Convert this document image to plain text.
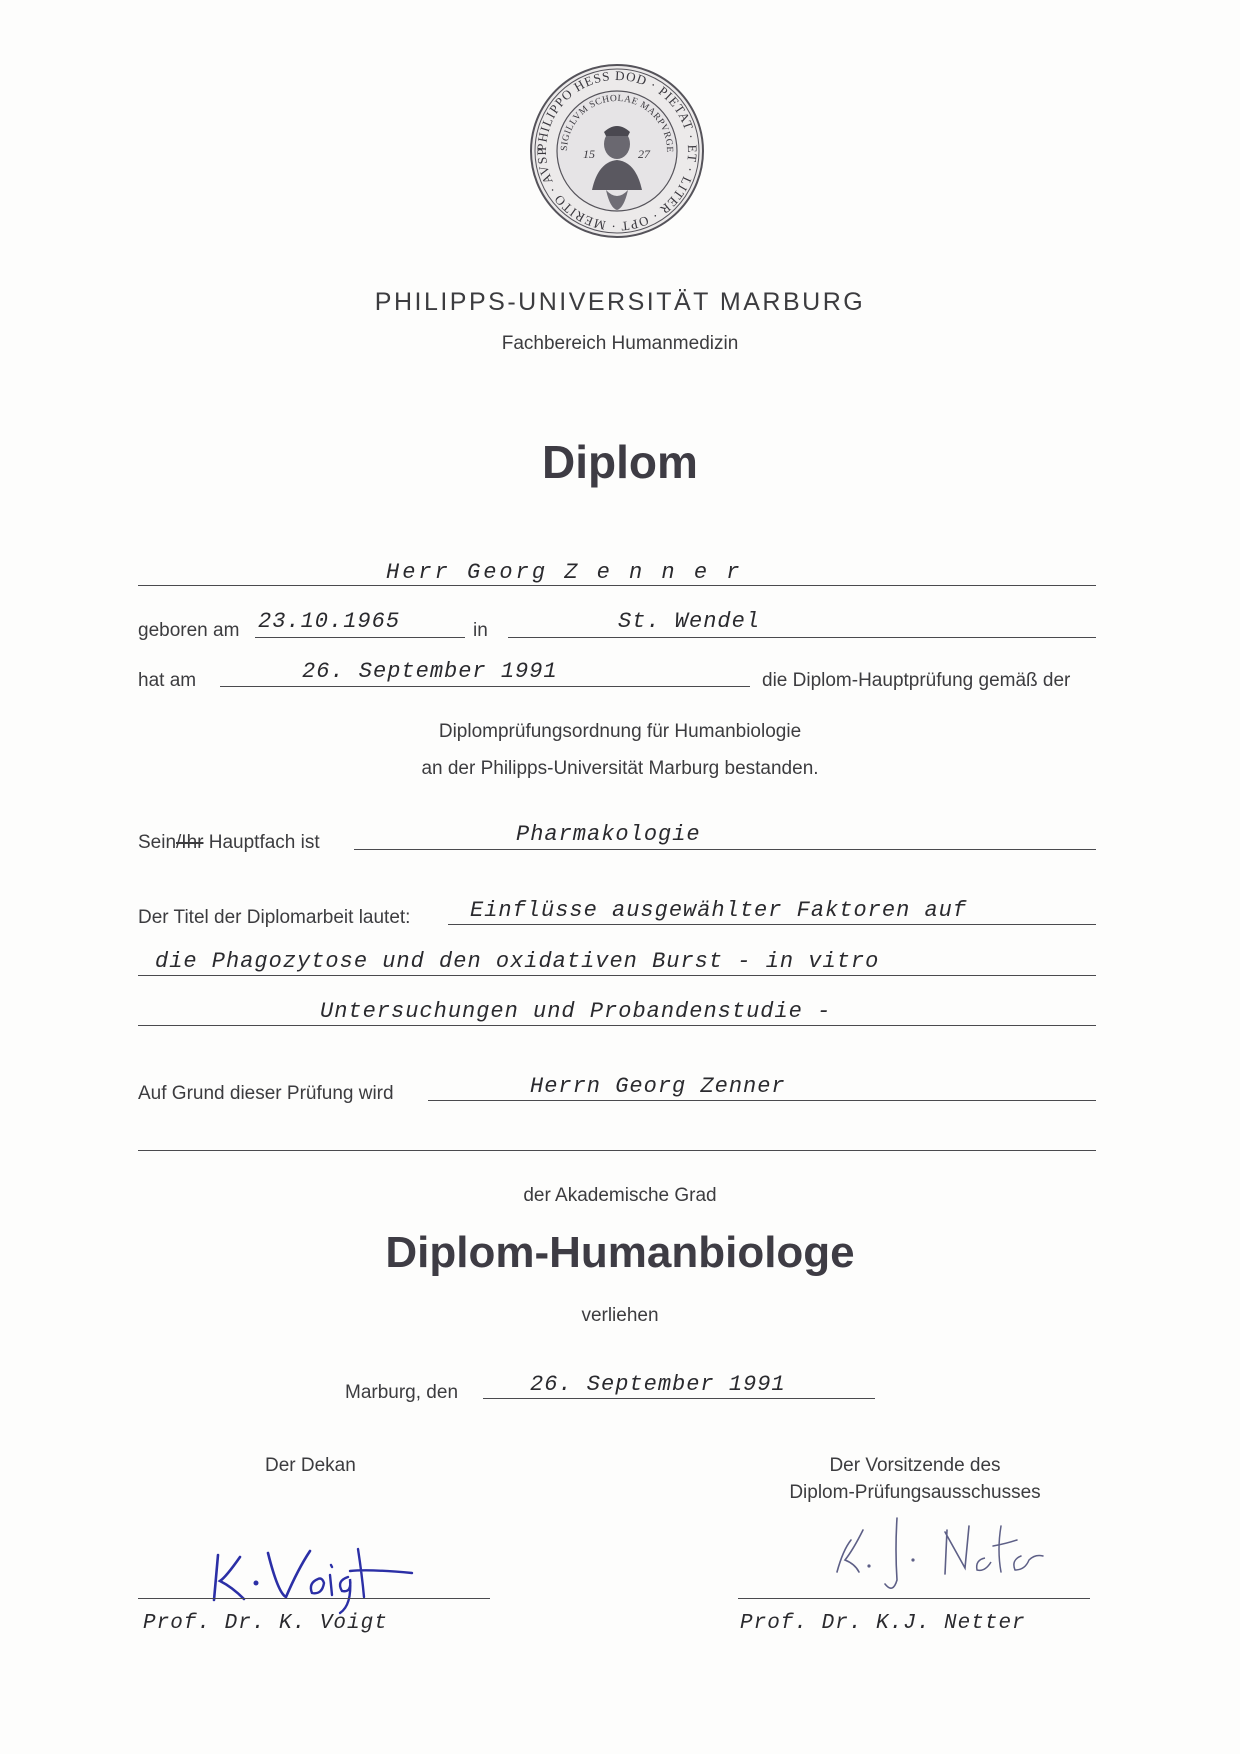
PHILIPPO HESS DOD · PIETAT · ET · LITER · OPT · MERITO · AVSP	SIGILLVM SCHOLAE MARPVRGE
15	27
PHILIPPS-UNIVERSITÄT MARBURG
Fachbereich Humanmedizin
Diplom
Herr Georg Z e n n e r
geboren am 23.10.1965	in	St. Wendel
hat am	26. September 1991	die Diplom-Hauptprüfung gemäß der
Diplomprüfungsordnung für Humanbiologie
an der Philipps-Universität Marburg bestanden.
Sein/Ihr Hauptfach ist	Pharmakologie
Der Titel der Diplomarbeit lautet:	Einflüsse ausgewählter Faktoren auf
die Phagozytose und den oxidativen Burst - in vitro
Untersuchungen und Probandenstudie -
Auf Grund dieser Prüfung wird	Herrn Georg Zenner
der Akademische Grad
Diplom-Humanbiologe
verliehen
Marburg, den	26. September 1991
Der Dekan	Der Vorsitzende des
Diplom-Prüfungsausschusses
Prof. Dr. K. Voigt	Prof. Dr. K.J. Netter
